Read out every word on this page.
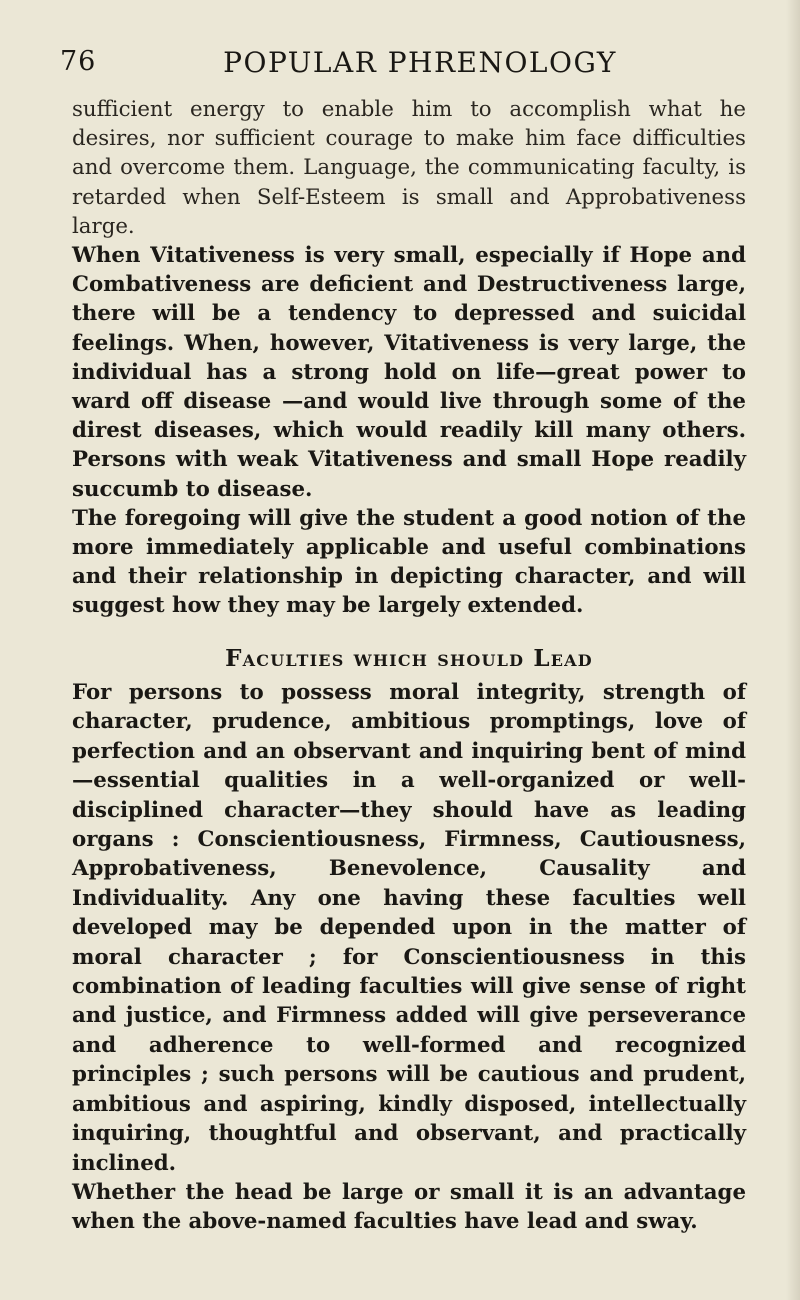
76	POPULAR PHRENOLOGY

sufficient energy to enable him to accomplish what he desires, nor sufficient courage to make him face difficulties and overcome them. Language, the communicating faculty, is retarded when Self-Esteem is small and Approbativeness large.

When Vitativeness is very small, especially if Hope and Combativeness are deficient and Destructiveness large, there will be a tendency to depressed and suicidal feelings. When, however, Vitativeness is very large, the individual has a strong hold on life—great power to ward off disease —and would live through some of the direst diseases, which would readily kill many others. Persons with weak Vitativeness and small Hope readily succumb to disease.

The foregoing will give the student a good notion of the more immediately applicable and useful combinations and their relationship in depicting character, and will suggest how they may be largely extended.

Faculties which should Lead

For persons to possess moral integrity, strength of character, prudence, ambitious promptings, love of perfection and an observant and inquiring bent of mind —essential qualities in a well-organized or well-disciplined character—they should have as leading organs : Conscientiousness, Firmness, Cautiousness, Approbativeness, Benevolence, Causality and Individuality. Any one having these faculties well developed may be depended upon in the matter of moral character ; for Conscientiousness in this combination of leading faculties will give sense of right and justice, and Firmness added will give perseverance and adherence to well-formed and recognized principles ; such persons will be cautious and prudent, ambitious and aspiring, kindly disposed, intellectually inquiring, thoughtful and observant, and practically inclined.

Whether the head be large or small it is an advantage when the above-named faculties have lead and sway.
